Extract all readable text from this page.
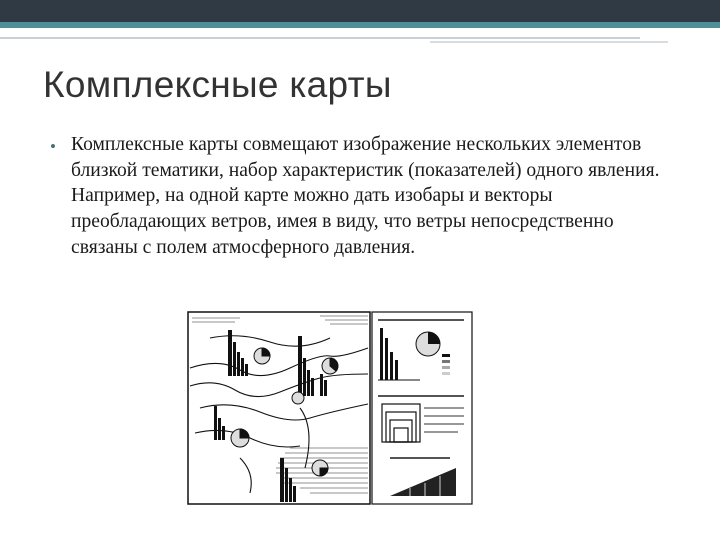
Комплексные карты
• Комплексные карты совмещают изображение нескольких элементов близкой тематики, набор характеристик (показателей) одного явления. Например, на одной карте можно дать изобары и векторы преобладающих ветров, имея в виду, что ветры непосредственно связаны с полем атмосферного давления.
